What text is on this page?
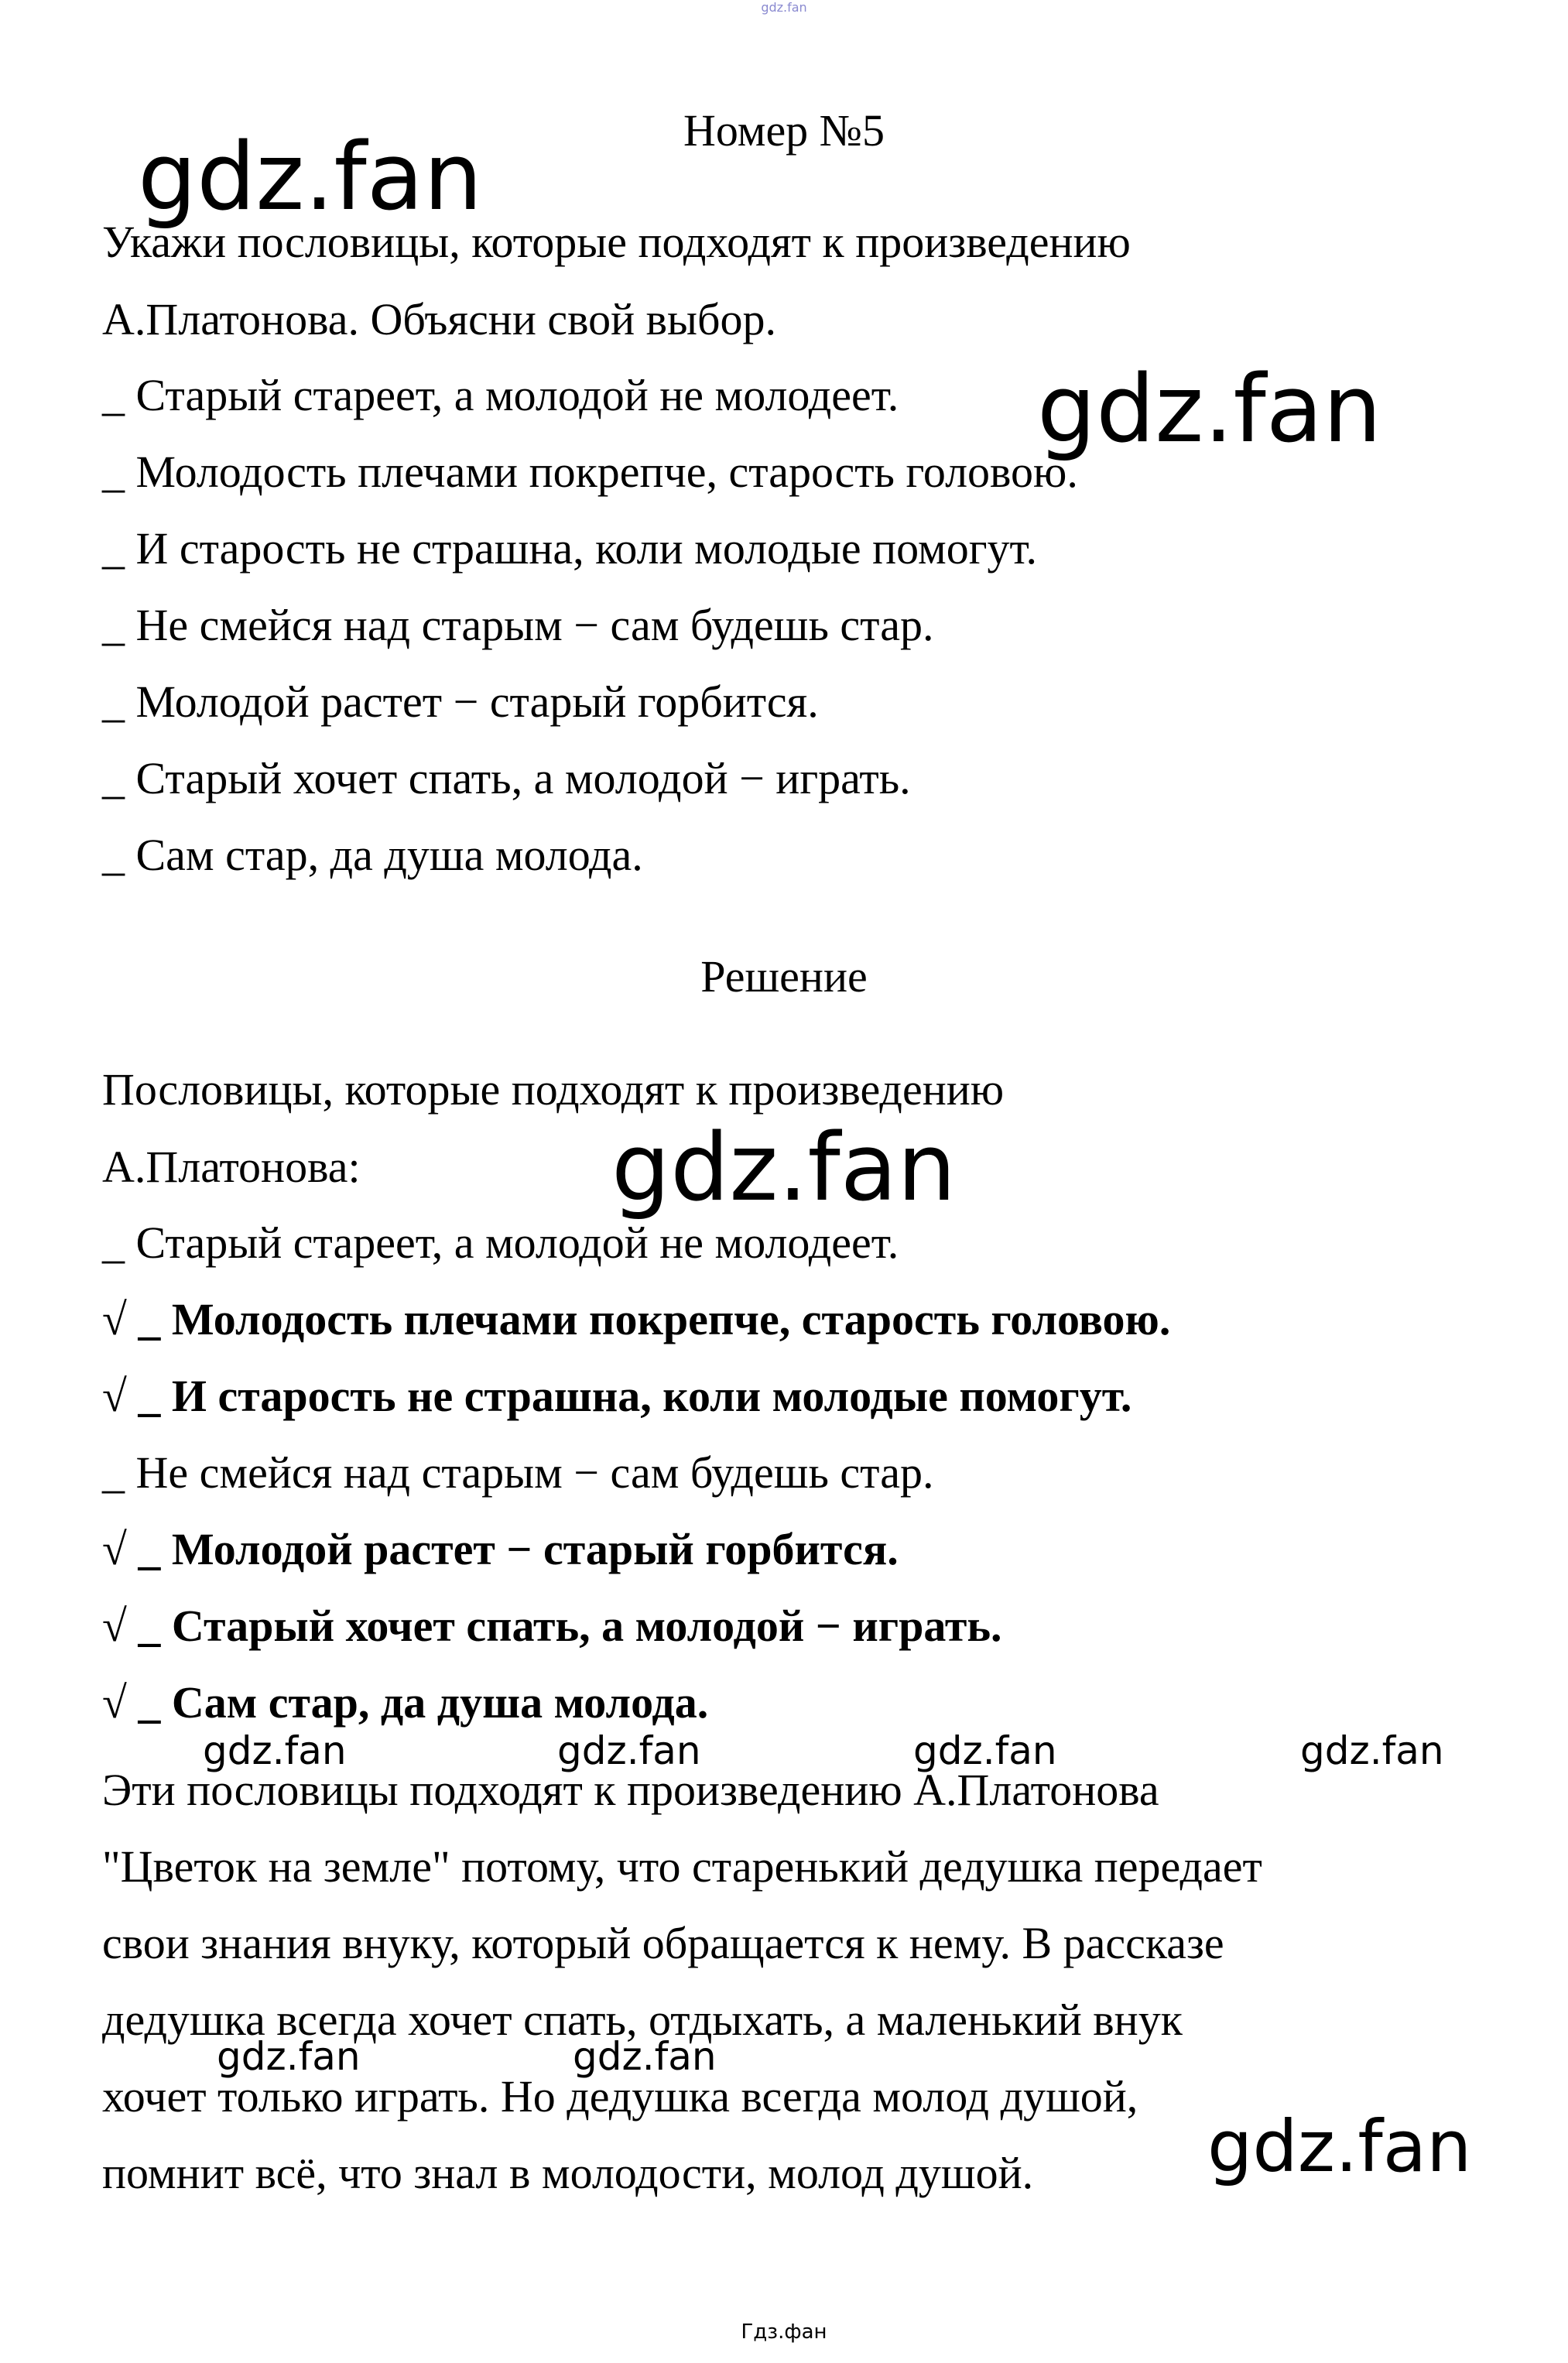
gdz.fan
Номер №5
Укажи пословицы, которые подходят к произведению
А.Платонова. Объясни свой выбор.
_ Старый стареет, а молодой не молодеет.
_ Молодость плечами покрепче, старость головою.
_ И старость не страшна, коли молодые помогут.
_ Не смейся над старым − сам будешь стар.
_ Молодой растет − старый горбится.
_ Старый хочет спать, а молодой − играть.
_ Сам стар, да душа молода.
Решение
Пословицы, которые подходят к произведению
А.Платонова:
_ Старый стареет, а молодой не молодеет.
√ _ Молодость плечами покрепче, старость головою.
√ _ И старость не страшна, коли молодые помогут.
_ Не смейся над старым − сам будешь стар.
√ _ Молодой растет − старый горбится.
√ _ Старый хочет спать, а молодой − играть.
√ _ Сам стар, да душа молода.
Эти пословицы подходят к произведению А.Платонова
"Цветок на земле" потому, что старенький дедушка передает
свои знания внуку, который обращается к нему. В рассказе
дедушка всегда хочет спать, отдыхать, а маленький внук
хочет только играть. Но дедушка всегда молод душой,
помнит всё, что знал в молодости, молод душой.
gdz.fan
gdz.fan
gdz.fan
gdz.fan
gdz.fan	gdz.fan	gdz.fan	gdz.fan
gdz.fan	gdz.fan
Гдз.фан
